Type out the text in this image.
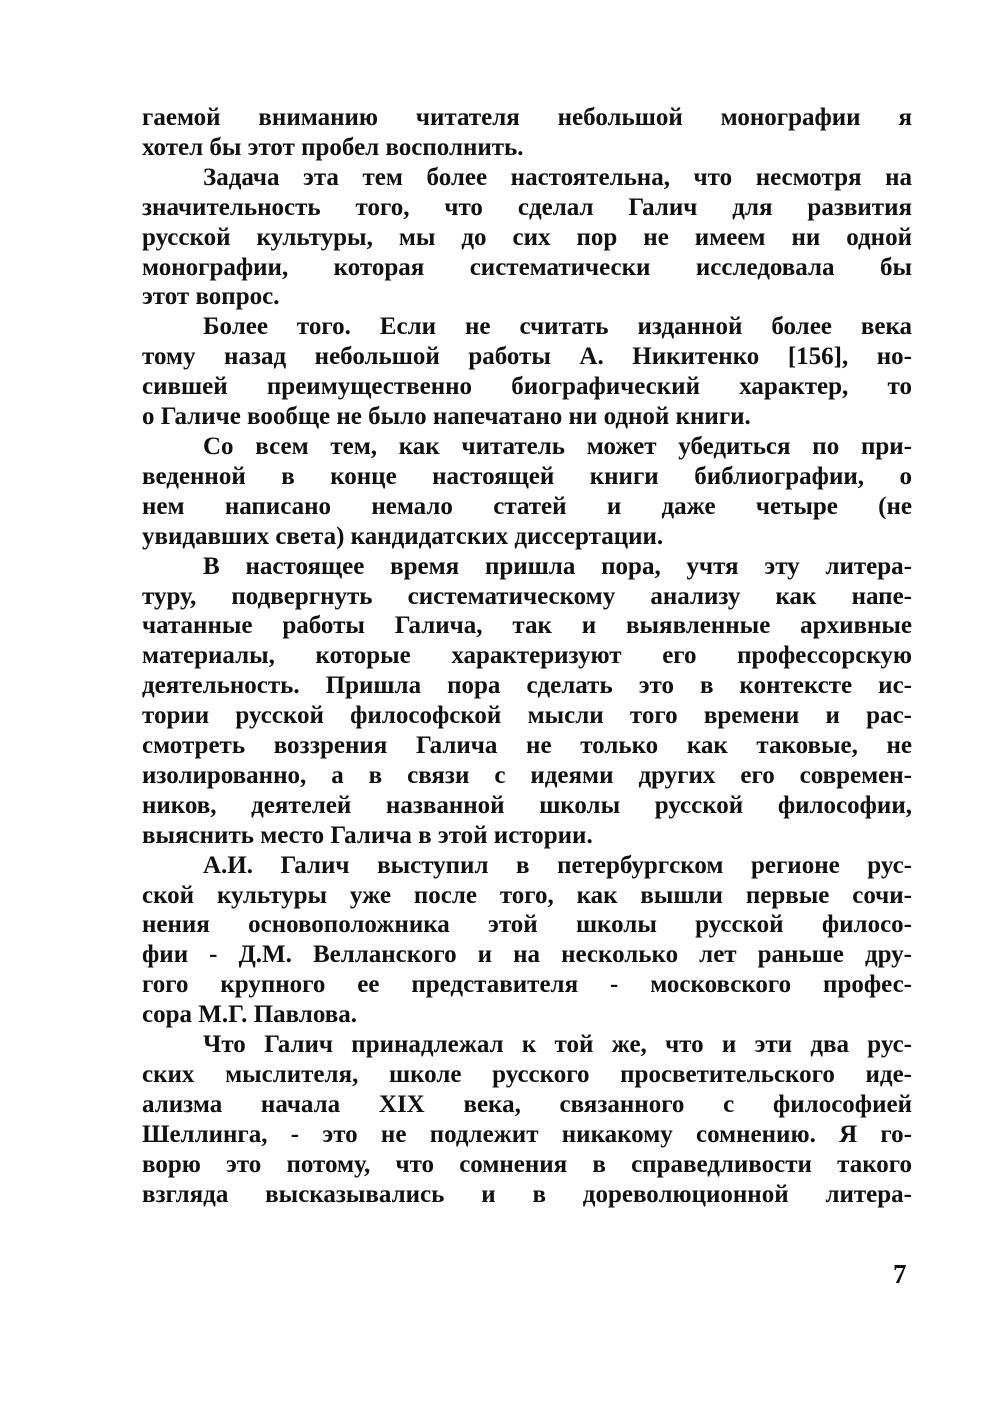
гаемой вниманию читателя небольшой монографии я
хотел бы этот пробел восполнить.
Задача эта тем более настоятельна, что несмотря на
значительность того, что сделал Галич для развития
русской культуры, мы до сих пор не имеем ни одной
монографии, которая систематически исследовала бы
этот вопрос.
Более того. Если не считать изданной более века
тому назад небольшой работы А. Никитенко [156], но-
сившей преимущественно биографический характер, то
о Галиче вообще не было напечатано ни одной книги.
Со всем тем, как читатель может убедиться по при-
веденной в конце настоящей книги библиографии, о
нем написано немало статей и даже четыре (не
увидавших света) кандидатских диссертации.
В настоящее время пришла пора, учтя эту литера-
туру, подвергнуть систематическому анализу как напе-
чатанные работы Галича, так и выявленные архивные
материалы, которые характеризуют его профессорскую
деятельность. Пришла пора сделать это в контексте ис-
тории русской философской мысли того времени и рас-
смотреть воззрения Галича не только как таковые, не
изолированно, а в связи с идеями других его современ-
ников, деятелей названной школы русской философии,
выяснить место Галича в этой истории.
А.И. Галич выступил в петербургском регионе рус-
ской культуры уже после того, как вышли первые сочи-
нения основоположника этой школы русской филосо-
фии - Д.М. Велланского и на несколько лет раньше дру-
гого крупного ее представителя - московского профес-
сора М.Г. Павлова.
Что Галич принадлежал к той же, что и эти два рус-
ских мыслителя, школе русского просветительского иде-
ализма начала XIX века, связанного с философией
Шеллинга, - это не подлежит никакому сомнению. Я го-
ворю это потому, что сомнения в справедливости такого
взгляда высказывались и в дореволюционной литера-
7
